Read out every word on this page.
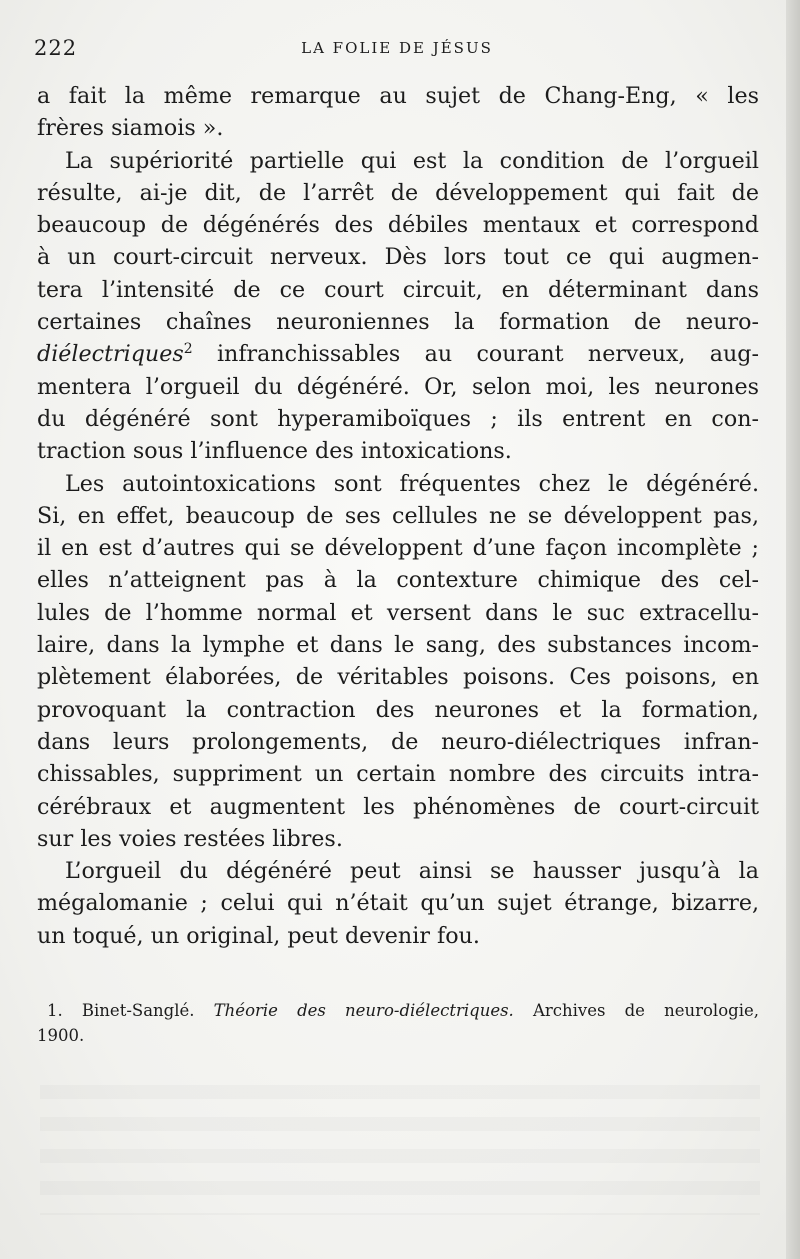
222	LA FOLIE DE JÉSUS
a fait la même remarque au sujet de Chang-Eng, « les
frères siamois ».
La supériorité partielle qui est la condition de l’orgueil
résulte, ai-je dit, de l’arrêt de développement qui fait de
beaucoup de dégénérés des débiles mentaux et correspond
à un court-circuit nerveux. Dès lors tout ce qui augmen-
tera l’intensité de ce court circuit, en déterminant dans
certaines chaînes neuroniennes la formation de neuro-
diélectriques$^2$ infranchissables au courant nerveux, aug-
mentera l’orgueil du dégénéré. Or, selon moi, les neurones
du dégénéré sont hyperamiboïques ; ils entrent en con-
traction sous l’influence des intoxications.
Les autointoxications sont fréquentes chez le dégénéré.
Si, en effet, beaucoup de ses cellules ne se développent pas,
il en est d’autres qui se développent d’une façon incomplète ;
elles n’atteignent pas à la contexture chimique des cel-
lules de l’homme normal et versent dans le suc extracellu-
laire, dans la lymphe et dans le sang, des substances incom-
plètement élaborées, de véritables poisons. Ces poisons, en
provoquant la contraction des neurones et la formation,
dans leurs prolongements, de neuro-diélectriques infran-
chissables, suppriment un certain nombre des circuits intra-
cérébraux et augmentent les phénomènes de court-circuit
sur les voies restées libres.
L’orgueil du dégénéré peut ainsi se hausser jusqu’à la
mégalomanie ; celui qui n’était qu’un sujet étrange, bizarre,
un toqué, un original, peut devenir fou.
1. Binet-Sanglé. Théorie des neuro-diélectriques. Archives de neurologie,
1900.
